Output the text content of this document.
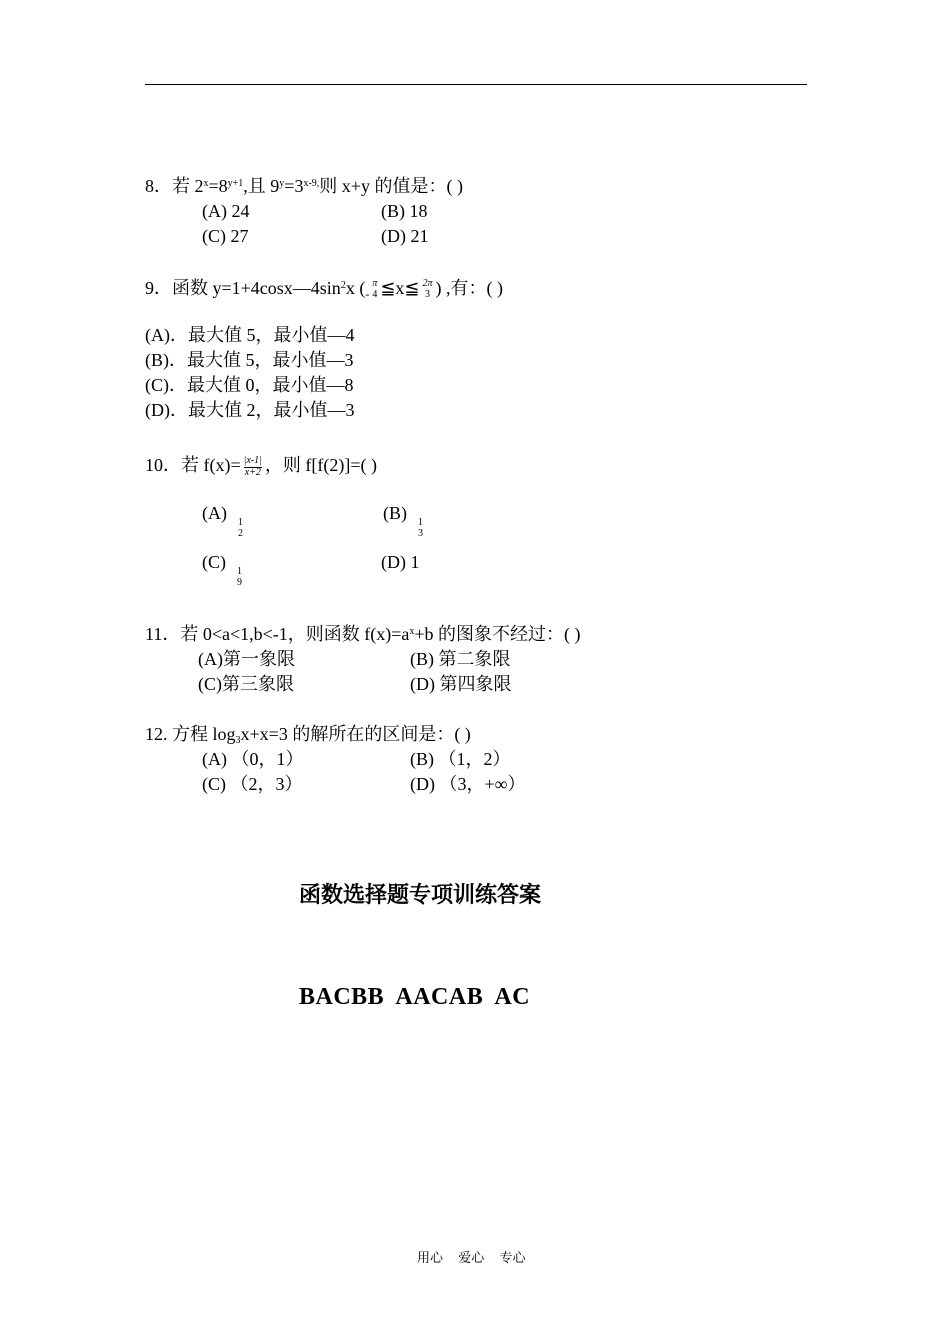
8．若 $2^x=8^{y+1}$,且 $9^y=3^{x-9,}$则 x+y 的值是：( )
(A) 24	(B) 18
(C) 27	(D) 21
9．函数 $y=1+4\cos x—4\sin^2x$ ($_-$
π
4 ≦x≦ 2π
3 ) ,有：( )
(A)．最大值 5，最小值—4
(B)．最大值 5，最小值—3
(C)．最大值 0，最小值—8
(D)．最大值 2，最小值—3
10．若 $f(x)= \frac{|x-1|}{x+2}$ ，则 f[f(2)]=( )
(A) 1
2
(B) 1
3
(C) 1
9
(D) 1
11．若 0<a<1,b<-1，则函数 $f(x)=a^x+b$ 的图象不经过：( )
(A)第一象限	(B) 第二象限
(C)第三象限	(D) 第四象限
12. 方程 $\log_3x+x=3$ 的解所在的区间是：( )
(A) （0，1）	(B) （1，2）
(C) （2，3）	(D) （3，+∞）
函数选择题专项训练答案
BACBB AACAB AC
用心 爱心 专心
